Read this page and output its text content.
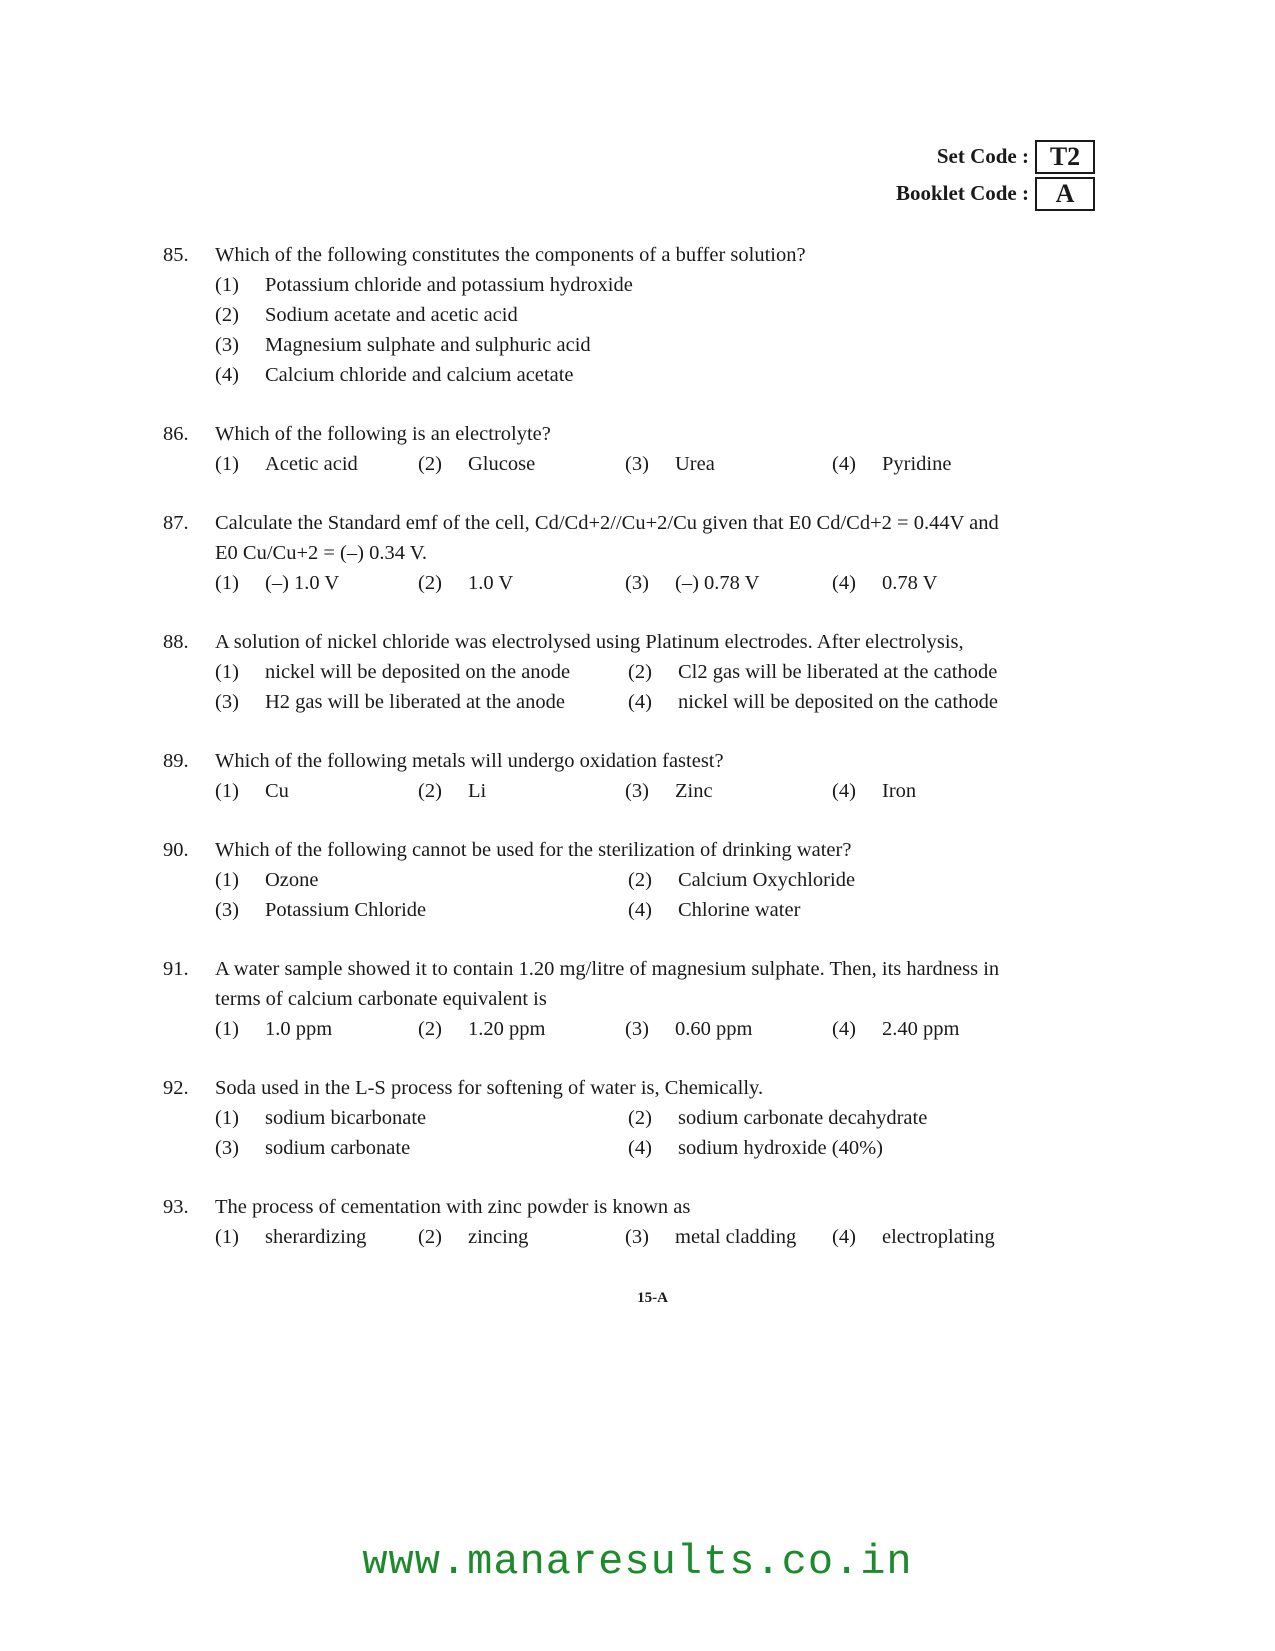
Set Code : T2
Booklet Code :	A
85.	Which of the following constitutes the components of a buffer solution?
(1)	Potassium chloride and potassium hydroxide
(2)	Sodium acetate and acetic acid
(3)	Magnesium sulphate and sulphuric acid
(4)	Calcium chloride and calcium acetate
86.	Which of the following is an electrolyte?
(1)	Acetic acid	(2)	Glucose	(3)	Urea	(4)	Pyridine
87.	Calculate the Standard emf of the cell, Cd/Cd+2//Cu+2/Cu given that E0 Cd/Cd+2 = 0.44V and
E0 Cu/Cu+2 = (–) 0.34 V.
(1)	(–) 1.0 V	(2)	1.0 V	(3)	(–) 0.78 V	(4)	0.78 V
88.	A solution of nickel chloride was electrolysed using Platinum electrodes. After electrolysis,
(1)	nickel will be deposited on the anode	(2)	Cl2 gas will be liberated at the cathode
(3)	H2 gas will be liberated at the anode	(4)	nickel will be deposited on the cathode
89.	Which of the following metals will undergo oxidation fastest?
(1)	Cu	(2)	Li	(3)	Zinc	(4)	Iron
90.	Which of the following cannot be used for the sterilization of drinking water?
(1)	Ozone	(2)	Calcium Oxychloride
(3)	Potassium Chloride	(4)	Chlorine water
91.	A water sample showed it to contain 1.20 mg/litre of magnesium sulphate. Then, its hardness in
terms of calcium carbonate equivalent is
(1)	1.0 ppm	(2)	1.20 ppm	(3)	0.60 ppm	(4)	2.40 ppm
92.	Soda used in the L-S process for softening of water is, Chemically.
(1)	sodium bicarbonate	(2)	sodium carbonate decahydrate
(3)	sodium carbonate	(4)	sodium hydroxide (40%)
93.	The process of cementation with zinc powder is known as
(1)	sherardizing	(2)	zincing	(3)	metal cladding (4)	electroplating
15-A
www.manaresults.co.in
